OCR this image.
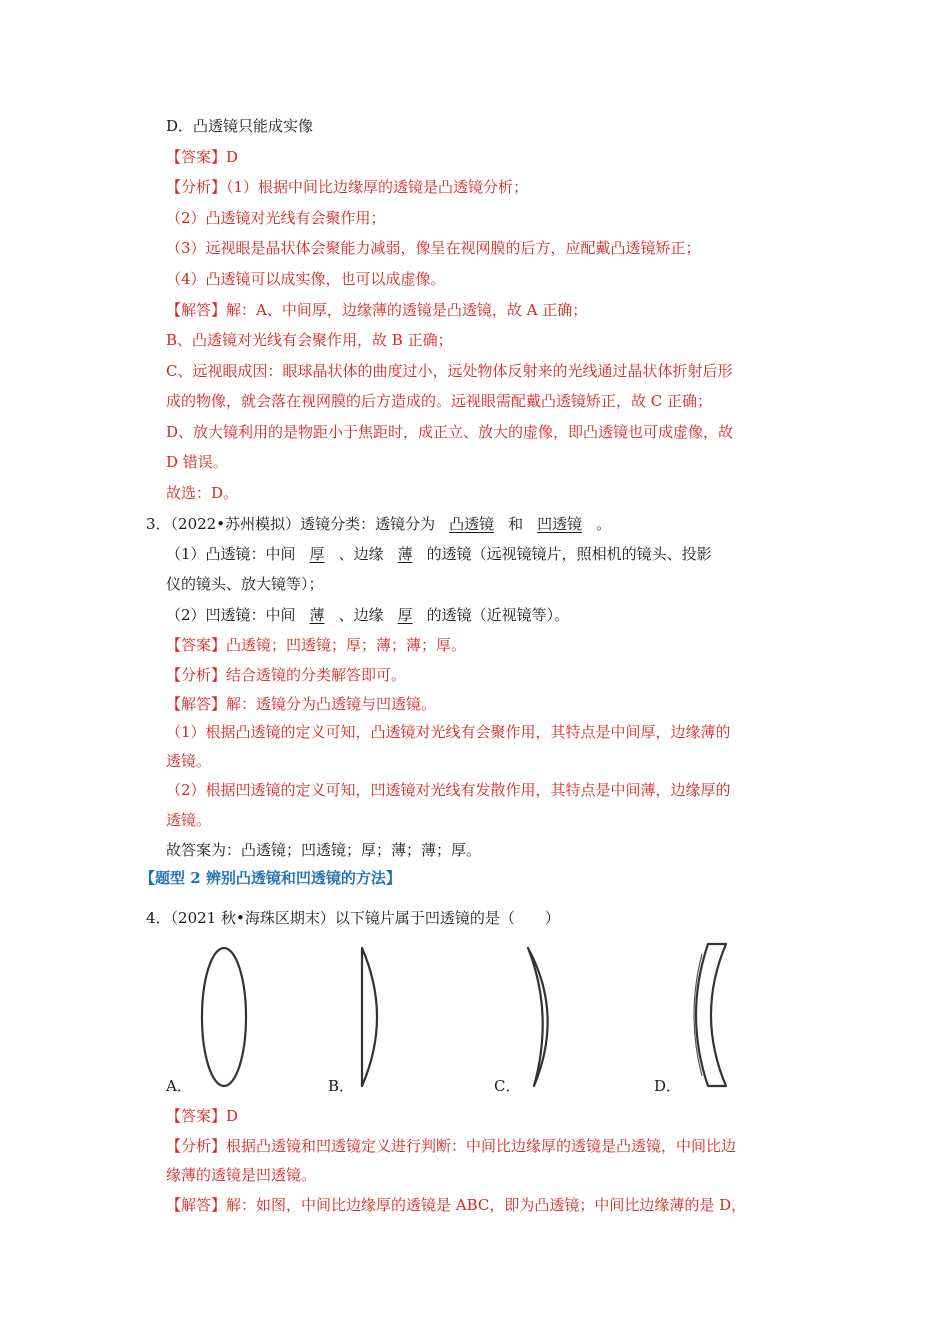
D．凸透镜只能成实像
【答案】D
【分析】（1）根据中间比边缘厚的透镜是凸透镜分析；
（2）凸透镜对光线有会聚作用；
（3）远视眼是晶状体会聚能力减弱，像呈在视网膜的后方，应配戴凸透镜矫正；
（4）凸透镜可以成实像，也可以成虚像。
【解答】解：A、中间厚，边缘薄的透镜是凸透镜，故 A 正确；
B、凸透镜对光线有会聚作用，故 B 正确；
C、远视眼成因：眼球晶状体的曲度过小，远处物体反射来的光线通过晶状体折射后形
成的物像，就会落在视网膜的后方造成的。远视眼需配戴凸透镜矫正，故 C 正确；
D、放大镜利用的是物距小于焦距时，成正立、放大的虚像，即凸透镜也可成虚像，故
D 错误。
故选：D。
3．（2022•苏州模拟）透镜分类：透镜分为 凸透镜 和 凹透镜 。
（1）凸透镜：中间 厚 、边缘 薄 的透镜（远视镜镜片，照相机的镜头、投影
仪的镜头、放大镜等）；
（2）凹透镜：中间 薄 、边缘 厚 的透镜（近视镜等）。
【答案】凸透镜；凹透镜；厚；薄；薄；厚。
【分析】结合透镜的分类解答即可。
【解答】解：透镜分为凸透镜与凹透镜。
（1）根据凸透镜的定义可知，凸透镜对光线有会聚作用，其特点是中间厚，边缘薄的
透镜。
（2）根据凹透镜的定义可知，凹透镜对光线有发散作用，其特点是中间薄，边缘厚的
透镜。
故答案为：凸透镜；凹透镜；厚；薄；薄；厚。
【题型 2 辨别凸透镜和凹透镜的方法】
4．（2021 秋•海珠区期末）以下镜片属于凹透镜的是（　　）
A．	B．	C．	D．
【答案】D
【分析】根据凸透镜和凹透镜定义进行判断：中间比边缘厚的透镜是凸透镜，中间比边
缘薄的透镜是凹透镜。
【解答】解：如图，中间比边缘厚的透镜是 ABC，即为凸透镜；中间比边缘薄的是 D，
